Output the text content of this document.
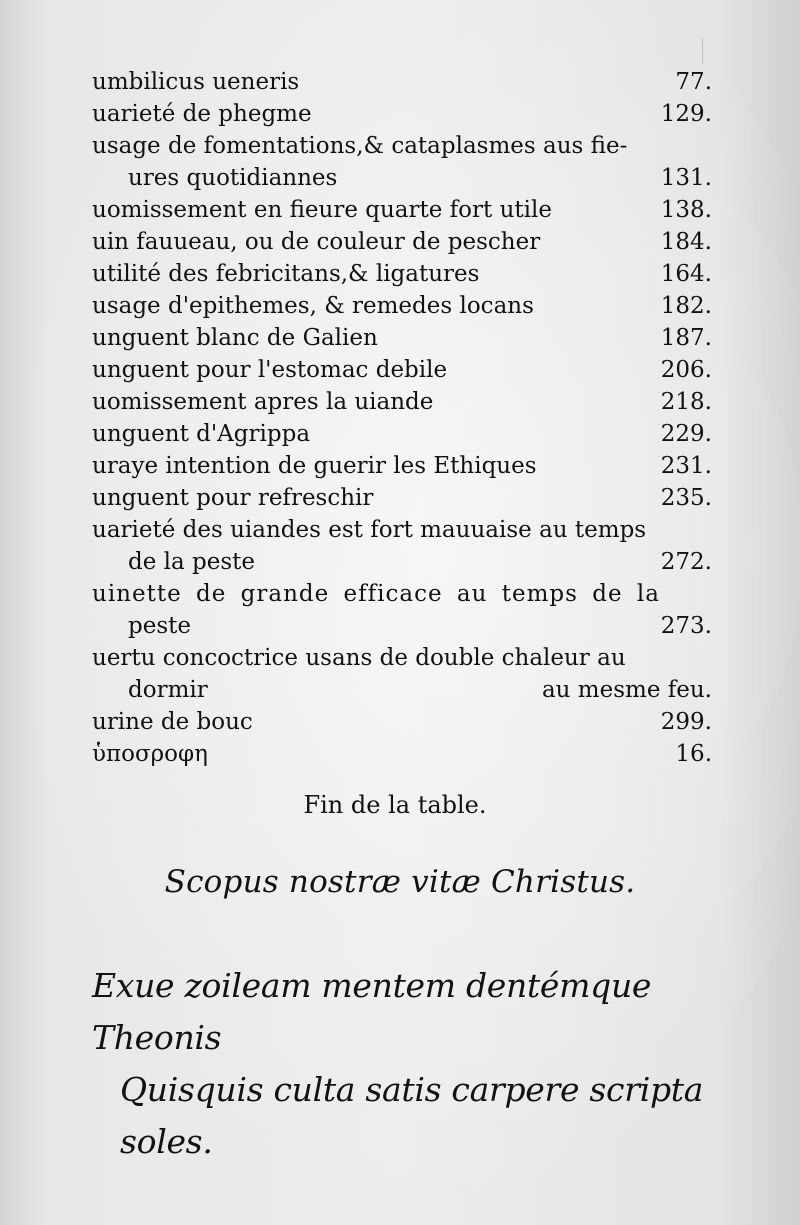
umbilicus ueneris	77.
uarieté de phegme	129.
usage de fomentations,& cataplasmes aus fie-
ures quotidiannes	131.
uomissement en fieure quarte fort utile	138.
uin fauueau, ou de couleur de pescher	184.
utilité des febricitans,& ligatures	164.
usage d'epithemes, & remedes locans	182.
unguent blanc de Galien	187.
unguent pour l'estomac debile	206.
uomissement apres la uiande	218.
unguent d'Agrippa	229.
uraye intention de guerir les Ethiques	231.
unguent pour refreschir	235.
uarieté des uiandes est fort mauuaise au temps
de la peste	272.
uinette de grande efficace au temps de la
peste	273.
uertu concoctrice usans de double chaleur au
dormir	au mesme feu.
urine de bouc	299.
ὑποσροφη	16.
Fin de la table.
Scopus nostræ vitæ Christus.
Exue zoileam mentem dentémque Theonis
Quisquis culta satis carpere scripta soles.
